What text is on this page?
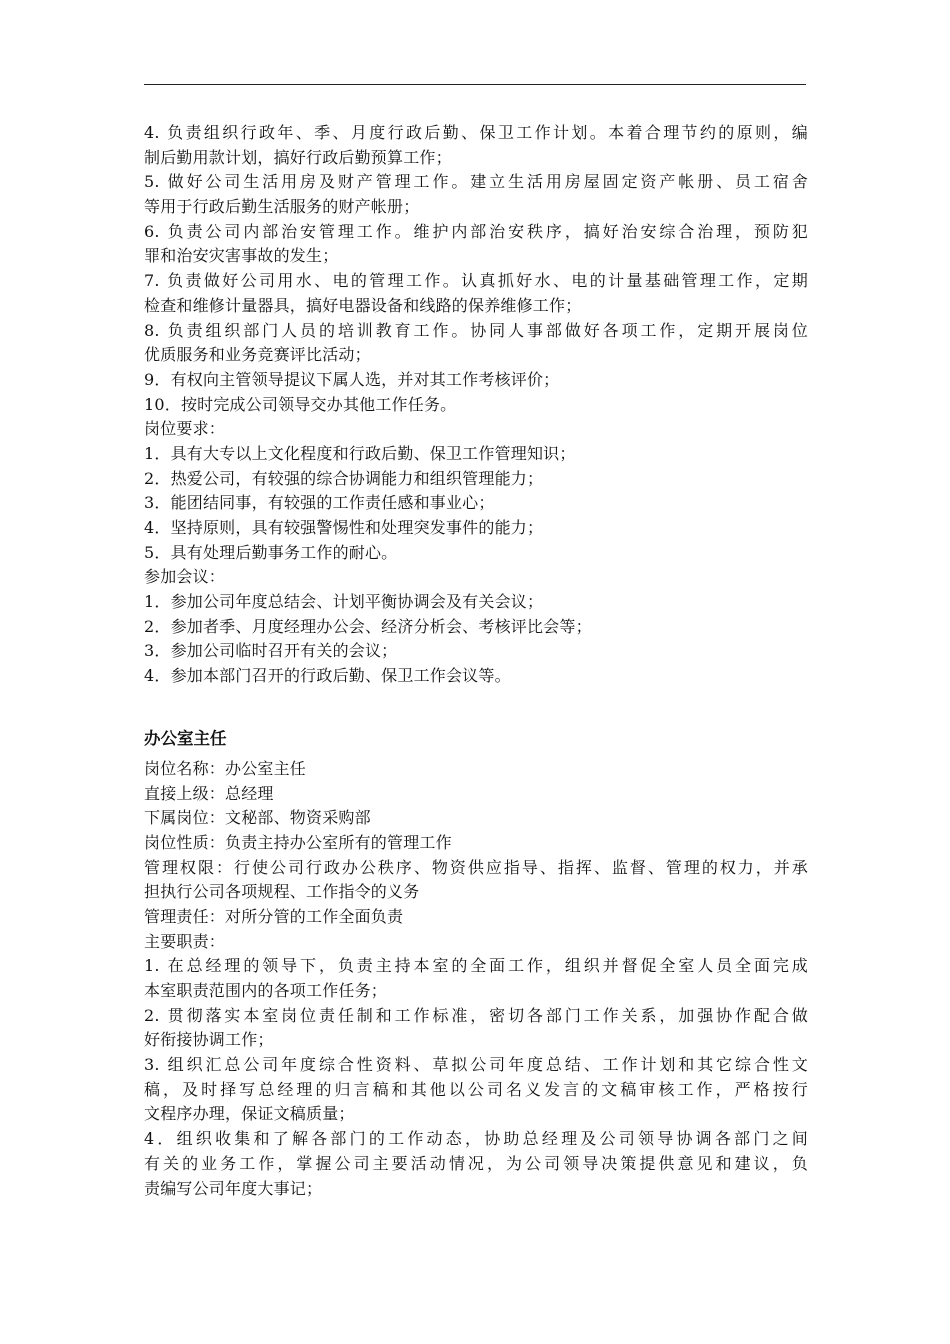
4. 负责组织行政年、季、月度行政后勤、保卫工作计划。本着合理节约的原则，编
制后勤用款计划，搞好行政后勤预算工作；
5. 做好公司生活用房及财产管理工作。建立生活用房屋固定资产帐册、员工宿舍
等用于行政后勤生活服务的财产帐册；
6. 负责公司内部治安管理工作。维护内部治安秩序，搞好治安综合治理，预防犯
罪和治安灾害事故的发生；
7. 负责做好公司用水、电的管理工作。认真抓好水、电的计量基础管理工作，定期
检查和维修计量器具，搞好电器设备和线路的保养维修工作；
8. 负责组织部门人员的培训教育工作。协同人事部做好各项工作，定期开展岗位
优质服务和业务竞赛评比活动；
9．有权向主管领导提议下属人选，并对其工作考核评价；
10．按时完成公司领导交办其他工作任务。
岗位要求：
1．具有大专以上文化程度和行政后勤、保卫工作管理知识；
2．热爱公司，有较强的综合协调能力和组织管理能力；
3．能团结同事，有较强的工作责任感和事业心；
4．坚持原则，具有较强警惕性和处理突发事件的能力；
5．具有处理后勤事务工作的耐心。
参加会议：
1．参加公司年度总结会、计划平衡协调会及有关会议；
2．参加者季、月度经理办公会、经济分析会、考核评比会等；
3．参加公司临时召开有关的会议；
4．参加本部门召开的行政后勤、保卫工作会议等。
办公室主任
岗位名称：办公室主任
直接上级：总经理
下属岗位：文秘部、物资采购部
岗位性质：负责主持办公室所有的管理工作
管理权限：行使公司行政办公秩序、物资供应指导、指挥、监督、管理的权力，并承
担执行公司各项规程、工作指令的义务
管理责任：对所分管的工作全面负责
主要职责：
1. 在总经理的领导下，负责主持本室的全面工作，组织并督促全室人员全面完成
本室职责范围内的各项工作任务；
2. 贯彻落实本室岗位责任制和工作标准，密切各部门工作关系，加强协作配合做
好衔接协调工作；
3. 组织汇总公司年度综合性资料、草拟公司年度总结、工作计划和其它综合性文
稿，及时择写总经理的归言稿和其他以公司名义发言的文稿审核工作，严格按行
文程序办理，保证文稿质量；
4．组织收集和了解各部门的工作动态，协助总经理及公司领导协调各部门之间
有关的业务工作，掌握公司主要活动情况，为公司领导决策提供意见和建议，负
责编写公司年度大事记；
